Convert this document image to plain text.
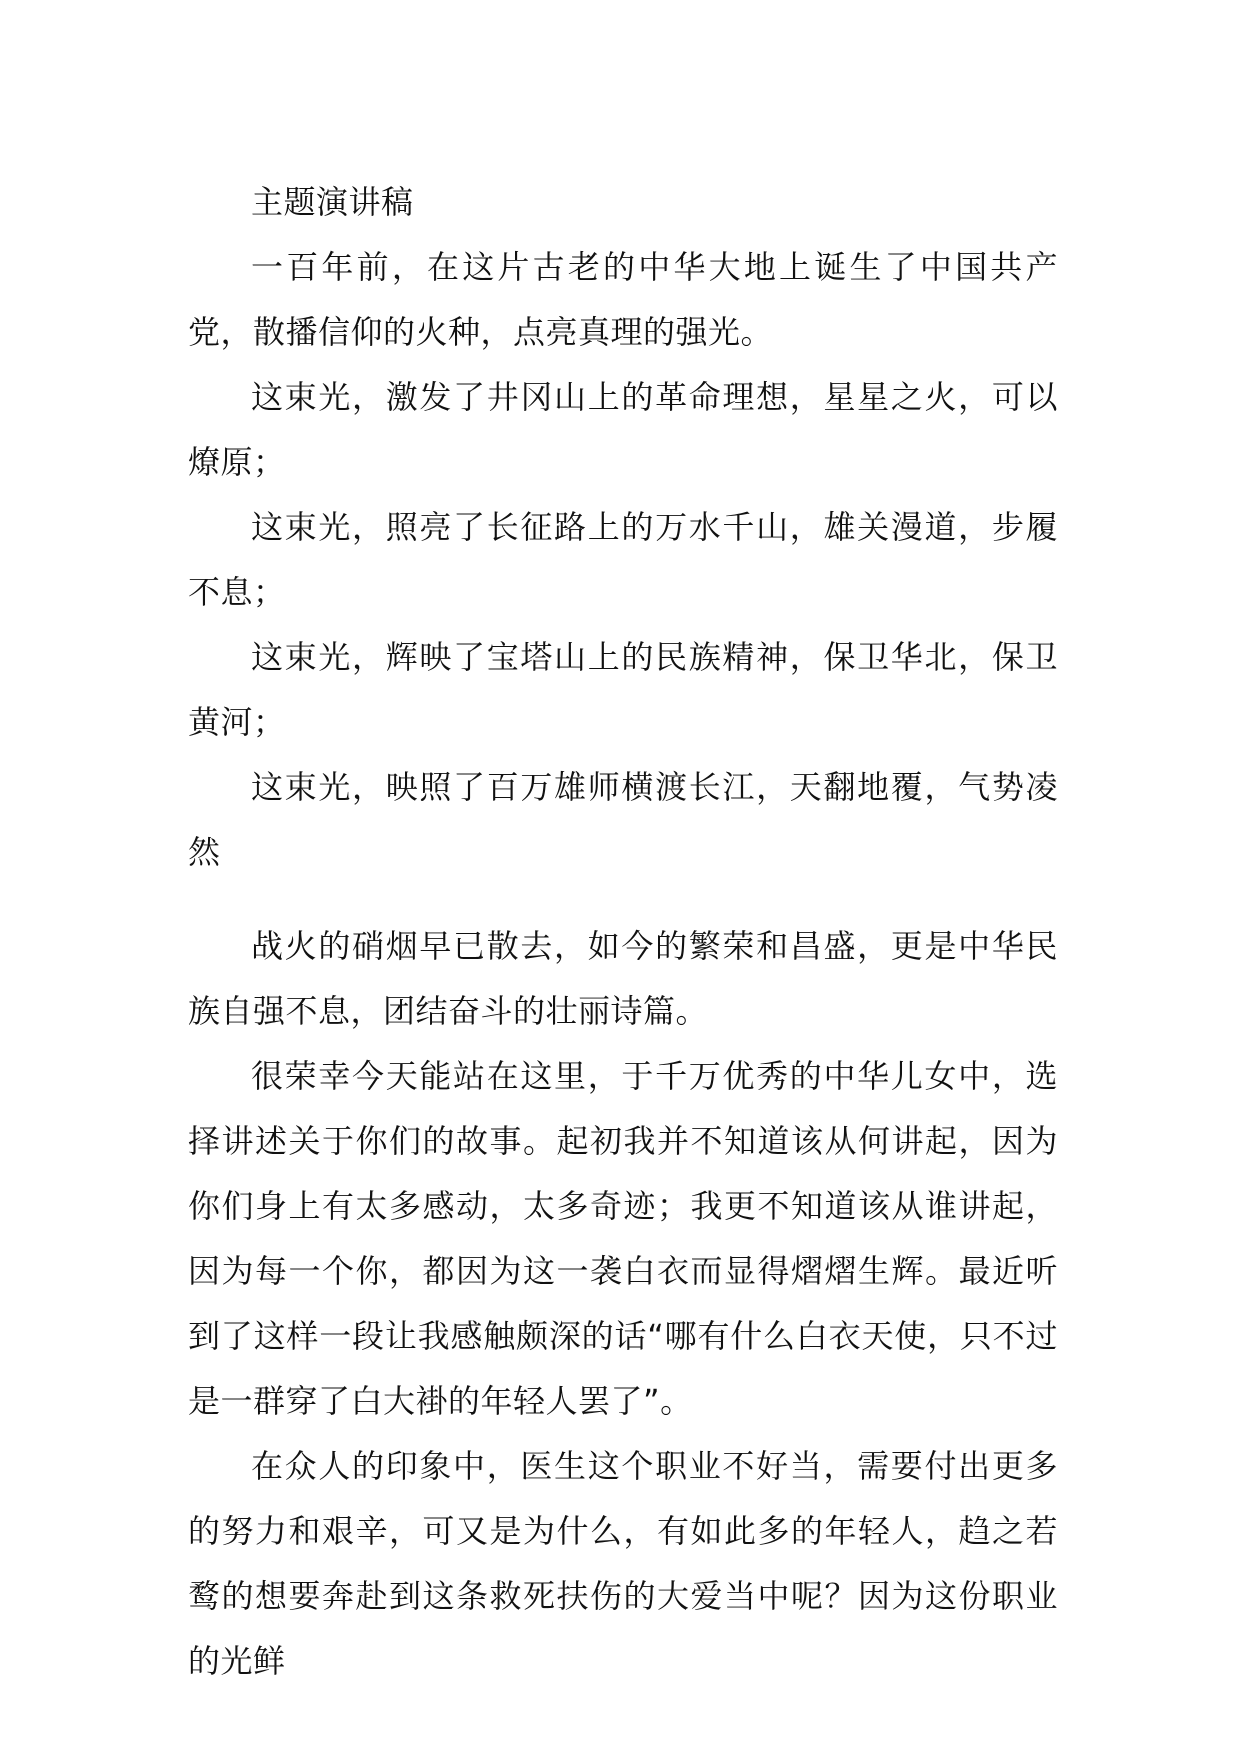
主题演讲稿

一百年前，在这片古老的中华大地上诞生了中国共产党，散播信仰的火种，点亮真理的强光。

这束光，激发了井冈山上的革命理想，星星之火，可以燎原；

这束光，照亮了长征路上的万水千山，雄关漫道，步履不息；

这束光，辉映了宝塔山上的民族精神，保卫华北，保卫黄河；

这束光，映照了百万雄师横渡长江，天翻地覆，气势凌然

战火的硝烟早已散去，如今的繁荣和昌盛，更是中华民族自强不息，团结奋斗的壮丽诗篇。

很荣幸今天能站在这里，于千万优秀的中华儿女中，选择讲述关于你们的故事。起初我并不知道该从何讲起，因为你们身上有太多感动，太多奇迹；我更不知道该从谁讲起，因为每一个你，都因为这一袭白衣而显得熠熠生辉。最近听到了这样一段让我感触颇深的话“哪有什么白衣天使，只不过是一群穿了白大褂的年轻人罢了”。

在众人的印象中，医生这个职业不好当，需要付出更多的努力和艰辛，可又是为什么，有如此多的年轻人，趋之若鹜的想要奔赴到这条救死扶伤的大爱当中呢？因为这份职业的光鲜
